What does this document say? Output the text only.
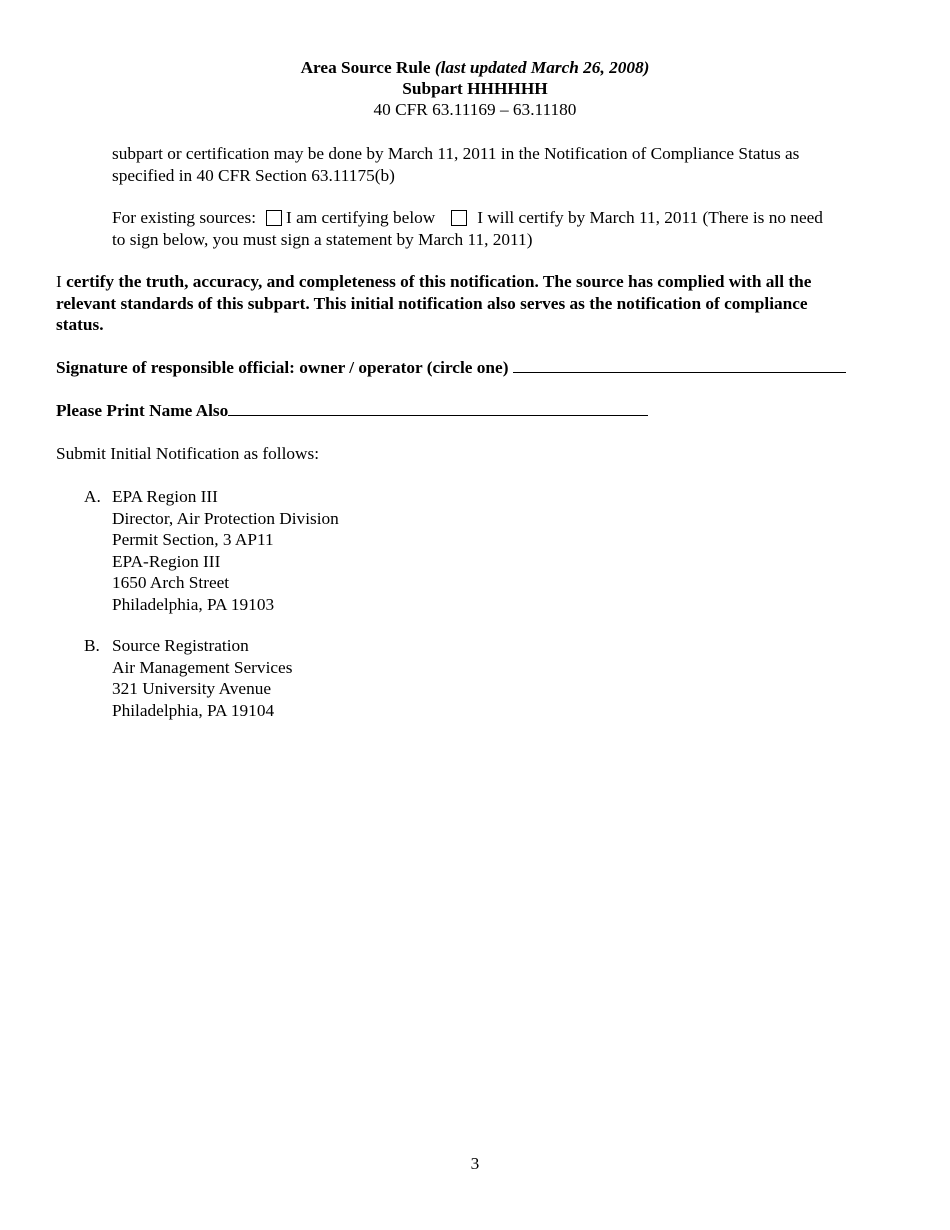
Area Source Rule (last updated March 26, 2008)
Subpart HHHHHH
40 CFR 63.11169 – 63.11180
subpart or certification may be done by March 11, 2011 in the Notification of Compliance Status as
specified in 40 CFR Section 63.11175(b)
For existing sources: I am certifying below I will certify by March 11, 2011 (There is no need
to sign below, you must sign a statement by March 11, 2011)
I certify the truth, accuracy, and completeness of this notification. The source has complied with all the
relevant standards of this subpart. This initial notification also serves as the notification of compliance
status.
Signature of responsible official: owner / operator (circle one)
Please Print Name Also
Submit Initial Notification as follows:
A. EPA Region III
Director, Air Protection Division
Permit Section, 3 AP11
EPA-Region III
1650 Arch Street
Philadelphia, PA 19103
B. Source Registration
Air Management Services
321 University Avenue
Philadelphia, PA 19104
3
